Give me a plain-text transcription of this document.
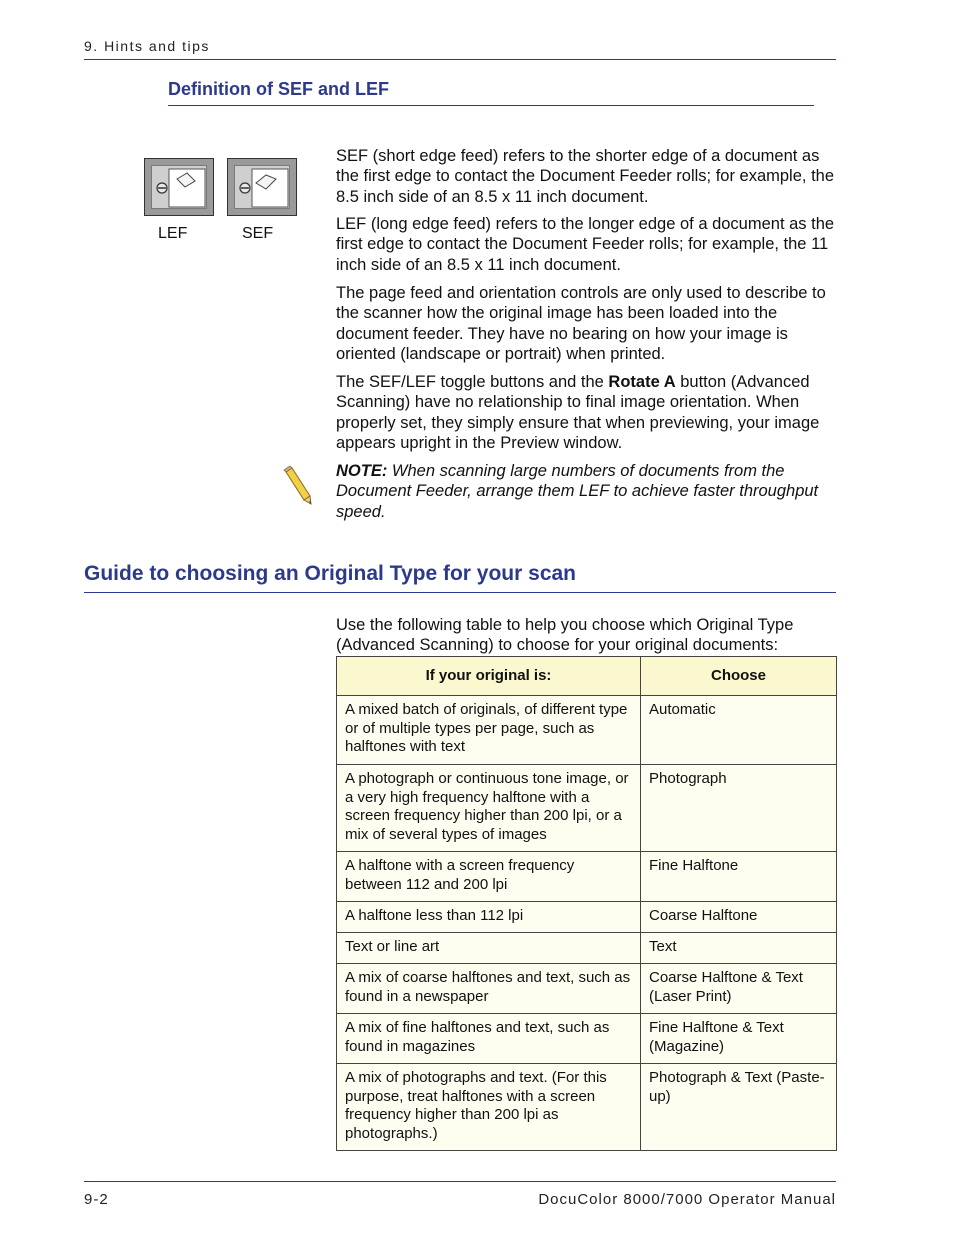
9. Hints and tips
Definition of SEF and LEF
LEF	SEF
SEF (short edge feed) refers to the shorter edge of a document as the first edge to contact the Document Feeder rolls; for example, the 8.5 inch side of an 8.5 x 11 inch document.
LEF (long edge feed) refers to the longer edge of a document as the first edge to contact the Document Feeder rolls; for example, the 11 inch side of an 8.5 x 11 inch document.
The page feed and orientation controls are only used to describe to the scanner how the original image has been loaded into the document feeder. They have no bearing on how your image is oriented (landscape or portrait) when printed.
The SEF/LEF toggle buttons and the Rotate A button (Advanced Scanning) have no relationship to final image orientation. When properly set, they simply ensure that when previewing, your image appears upright in the Preview window.
NOTE: When scanning large numbers of documents from the Document Feeder, arrange them LEF to achieve faster throughput speed.
Guide to choosing an Original Type for your scan
Use the following table to help you choose which Original Type (Advanced Scanning) to choose for your original documents:
If your original is:	Choose
A mixed batch of originals, of different type or of multiple types per page, such as halftones with text	Automatic
A photograph or continuous tone image, or a very high frequency halftone with a screen frequency higher than 200 lpi, or a mix of several types of images	Photograph
A halftone with a screen frequency between 112 and 200 lpi	Fine Halftone
A halftone less than 112 lpi	Coarse Halftone
Text or line art	Text
A mix of coarse halftones and text, such as found in a newspaper	Coarse Halftone & Text (Laser Print)
A mix of fine halftones and text, such as found in magazines	Fine Halftone & Text (Magazine)
A mix of photographs and text. (For this purpose, treat halftones with a screen frequency higher than 200 lpi as photographs.)	Photograph & Text (Paste-up)
9-2	DocuColor 8000/7000 Operator Manual
